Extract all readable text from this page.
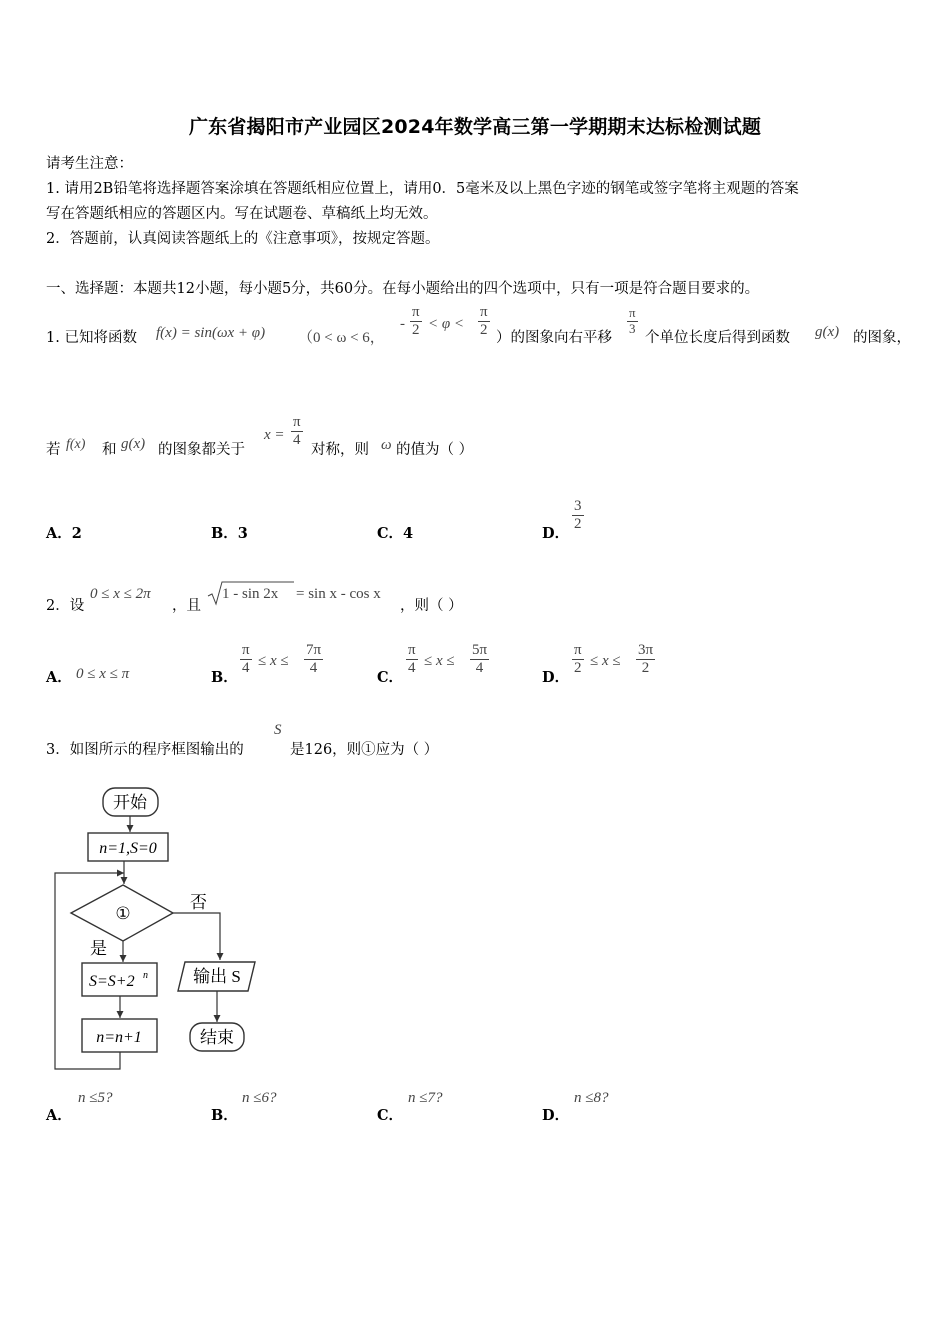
广东省揭阳市产业园区2024年数学高三第一学期期末达标检测试题
请考生注意：
1. 请用2B铅笔将选择题答案涂填在答题纸相应位置上，请用0．5毫米及以上黑色字迹的钢笔或签字笔将主观题的答案
写在答题纸相应的答题区内。写在试题卷、草稿纸上均无效。
2．答题前，认真阅读答题纸上的《注意事项》，按规定答题。
一、选择题：本题共12小题，每小题5分，共60分。在每小题给出的四个选项中，只有一项是符合题目要求的。
1. 已知将函数 f(x) = sin(ωx + φ) （0 < ω < 6，
- $\frac{\pi}{2} < \varphi < \frac{\pi}{2}$ ）的图象向右平移
$\frac{\pi}{3}$
个单位长度后得到函数 g(x) 的图象，
若 f(x) 和 g(x) 的图象都关于
$x = \frac{\pi}{4}$
对称，则 ω 的值为（ ）
A．2	B．3	C．4	D． $\frac{3}{2}$
2．设
0 ≤ x ≤ 2π
，且
1 - sin 2x = sin x - cos x
，则（ ）
A． 0 ≤ x ≤ π	B． $\frac{\pi}{4} \le x \le \frac{7\pi}{4}$	C． $\frac{\pi}{4} \le x \le \frac{5\pi}{4}$	D． $\frac{\pi}{2} \le x \le \frac{3\pi}{2}$
3．如图所示的程序框图输出的
S
是126，则①应为（ ）
开始
n=1,S=0
①
否
是
S=S+2 n
n=n+1
输出 S
结束
A．
n ≤5?
B．
n ≤6?
C．
n ≤7?
D．
n ≤8?
